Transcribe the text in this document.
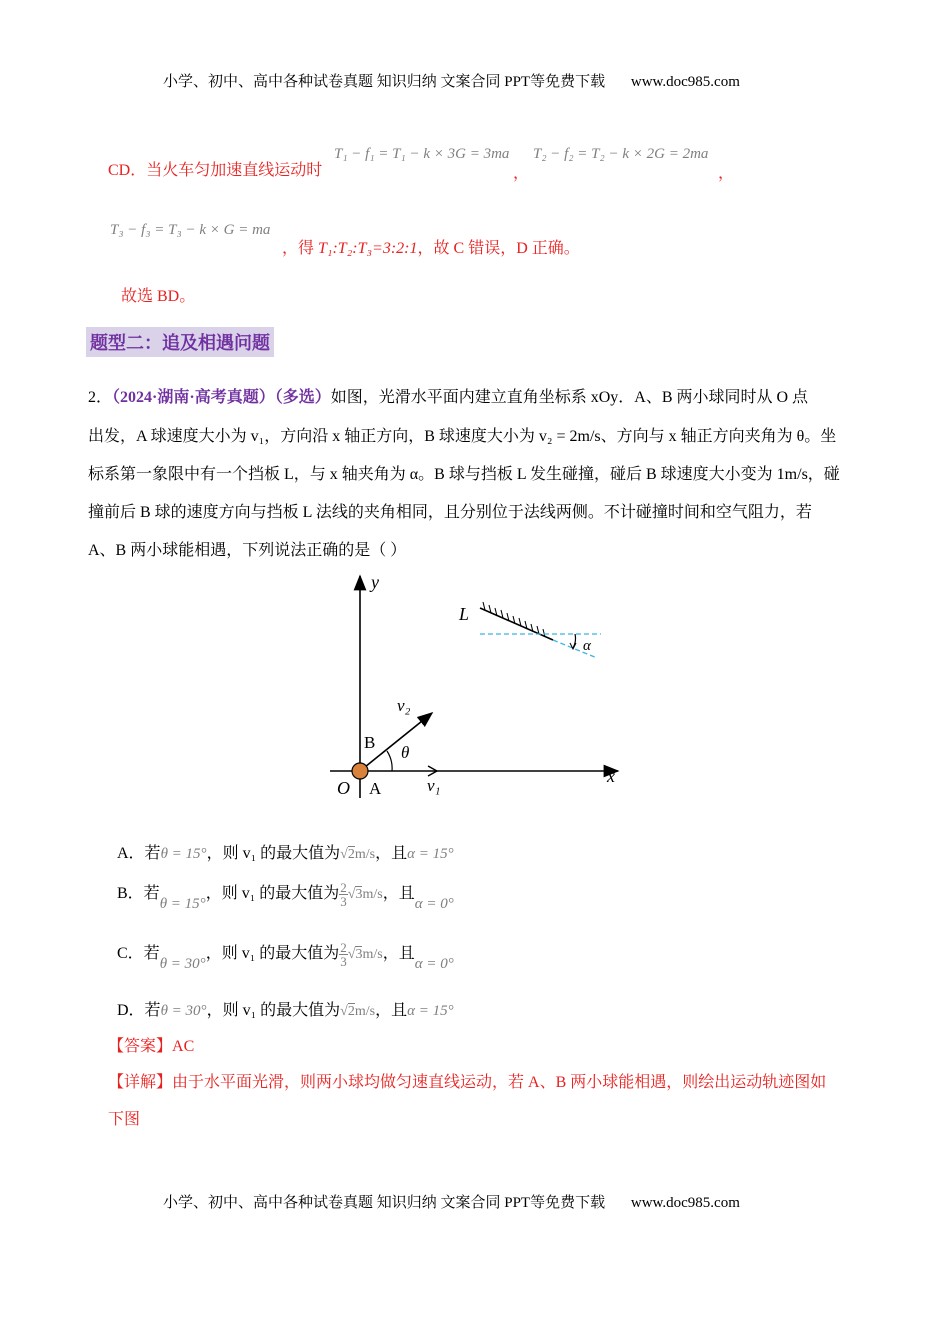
小学、初中、高中各种试卷真题 知识归纳 文案合同 PPT等免费下载 www.doc985.com
CD．当火车匀加速直线运动时
T₁ − f₁ = T₁ − k × 3G = 3ma
，
T₂ − f₂ = T₂ − k × 2G = 2ma
，
T₃ − f₃ = T₃ − k × G = ma
，得 T₁:T₂:T₃=3:2:1，故 C 错误，D 正确。
故选 BD。
题型二：追及相遇问题
2．（2024·湖南·高考真题）（多选）如图，光滑水平面内建立直角坐标系 xOy．A、B 两小球同时从 O 点
出发，A 球速度大小为 v₁，方向沿 x 轴正方向，B 球速度大小为 v₂ = 2m/s、方向与 x 轴正方向夹角为 θ。坐
标系第一象限中有一个挡板 L，与 x 轴夹角为 α。B 球与挡板 L 发生碰撞，碰后 B 球速度大小变为 1m/s，碰
撞前后 B 球的速度方向与挡板 L 法线的夹角相同，且分别位于法线两侧。不计碰撞时间和空气阻力，若
A、B 两小球能相遇，下列说法正确的是（ ）
y
x
O A
B
v₁
v₂
θ
L
α
A．若θ = 15°，则 v₁ 的最大值为√2m/s，且α = 15°
B．若θ = 15°，则 v₁ 的最大值为 $\frac{2}{3} √3m/s$，且α = 0°
C．若θ = 30°，则 v₁ 的最大值为 $\frac{2}{3} √3m/s$，且α = 0°
D．若θ = 30°，则 v₁ 的最大值为√2m/s，且α = 15°
【答案】AC
【详解】由于水平面光滑，则两小球均做匀速直线运动，若 A、B 两小球能相遇，则绘出运动轨迹图如
下图
小学、初中、高中各种试卷真题 知识归纳 文案合同 PPT等免费下载 www.doc985.com
